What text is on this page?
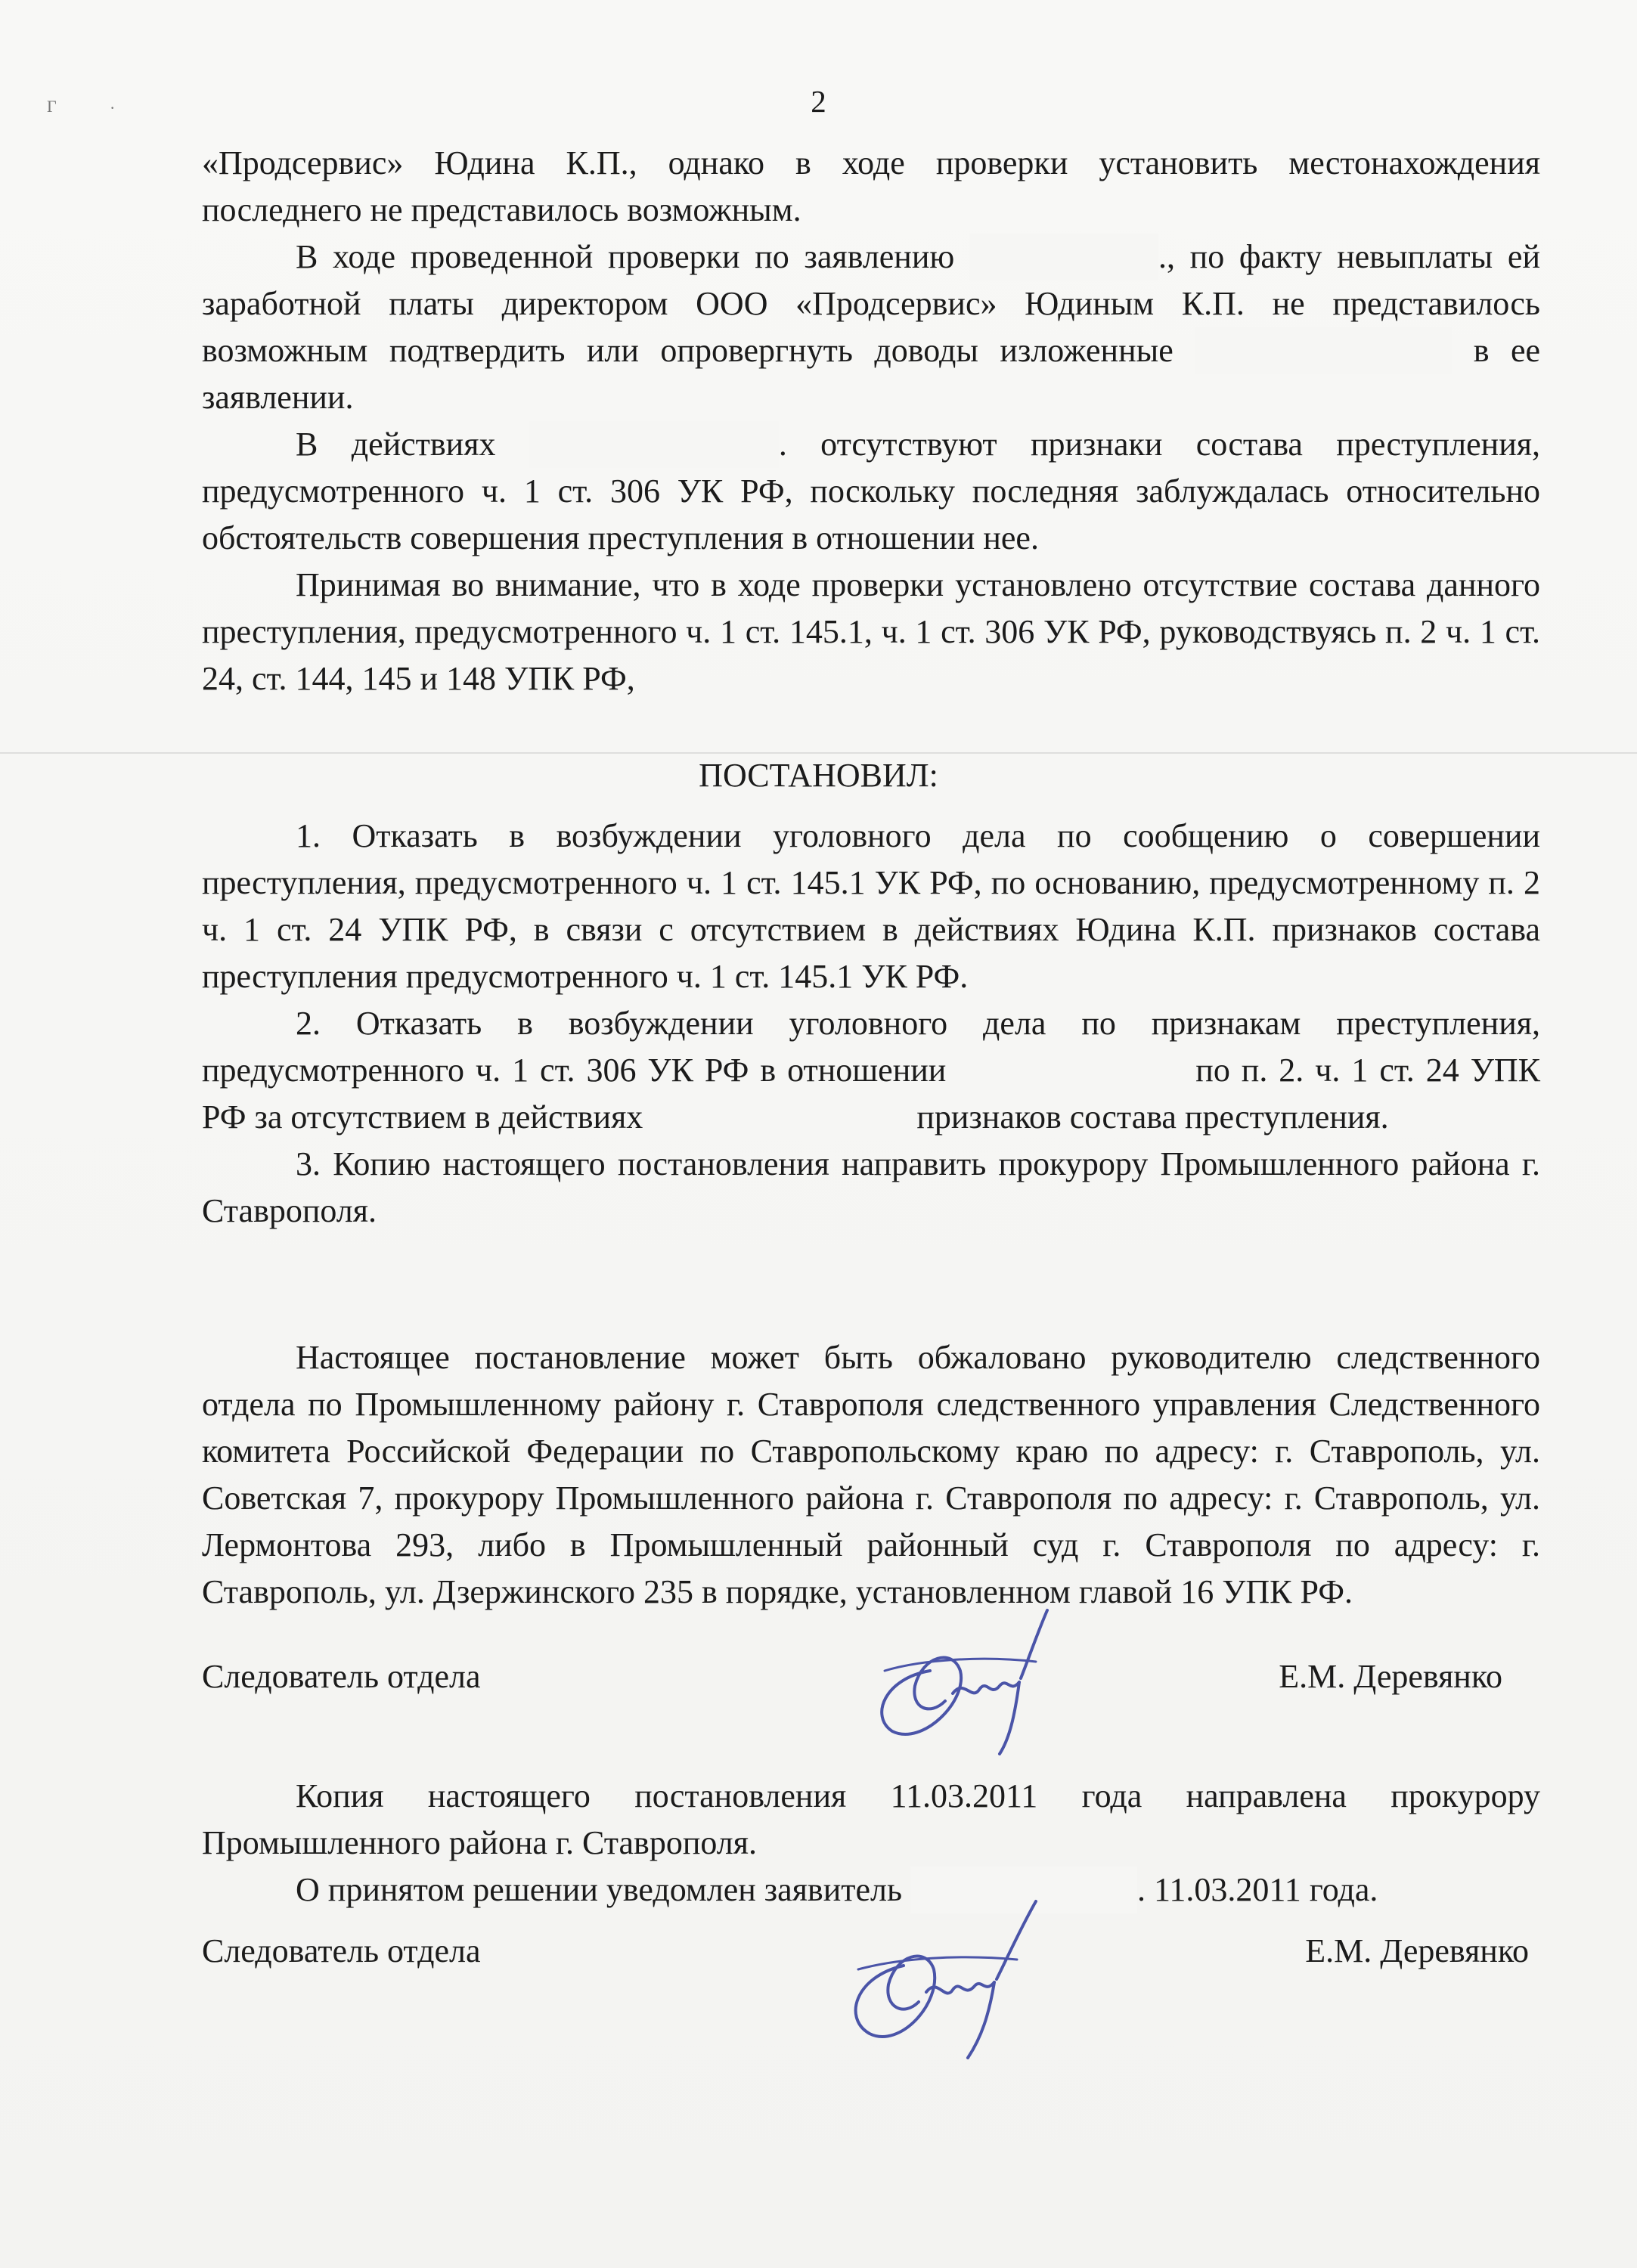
Г	·	2

«Продсервис» Юдина К.П., однако в ходе проверки установить местонахождения

последнего не представилось возможным.

В ходе проведенной проверки по заявлению	., по факту невыплаты ей заработной платы директором ООО «Продсервис» Юдиным К.П. не представилось возможным подтвердить или опровергнуть доводы изложенные	в ее заявлении.

В действиях	. отсутствуют признаки состава преступления, предусмотренного ч. 1 ст. 306 УК РФ, поскольку последняя заблуждалась относительно обстоятельств совершения преступления в отношении нее.

Принимая во внимание, что в ходе проверки установлено отсутствие состава данного преступления, предусмотренного ч. 1 ст. 145.1, ч. 1 ст. 306 УК РФ, руководствуясь п. 2 ч. 1 ст. 24, ст. 144, 145 и 148 УПК РФ,

ПОСТАНОВИЛ:

1. Отказать в возбуждении уголовного дела по сообщению о совершении преступления, предусмотренного ч. 1 ст. 145.1 УК РФ, по основанию, предусмотренному п. 2 ч. 1 ст. 24 УПК РФ, в связи с отсутствием в действиях Юдина К.П. признаков состава преступления предусмотренного ч. 1 ст. 145.1 УК РФ.

2. Отказать в возбуждении уголовного дела по признакам преступления, предусмотренного ч. 1 ст. 306 УК РФ в отношении	по п. 2. ч. 1 ст. 24 УПК РФ за отсутствием в действиях	признаков состава преступления.

3. Копию настоящего постановления направить прокурору Промышленного района г. Ставрополя.

Настоящее постановление может быть обжаловано руководителю следственного отдела по Промышленному району г. Ставрополя следственного управления Следственного комитета Российской Федерации по Ставропольскому краю по адресу: г. Ставрополь, ул. Советская 7, прокурору Промышленного района г. Ставрополя по адресу: г. Ставрополь, ул. Лермонтова 293, либо в Промышленный районный суд г. Ставрополя по адресу: г. Ставрополь, ул. Дзержинского 235 в порядке, установленном главой 16 УПК РФ.

Следователь отдела	Е.М. Деревянко

Копия настоящего постановления 11.03.2011 года направлена прокурору Промышленного района г. Ставрополя.

О принятом решении уведомлен заявитель	. 11.03.2011 года.

Следователь отдела	Е.М. Деревянко
